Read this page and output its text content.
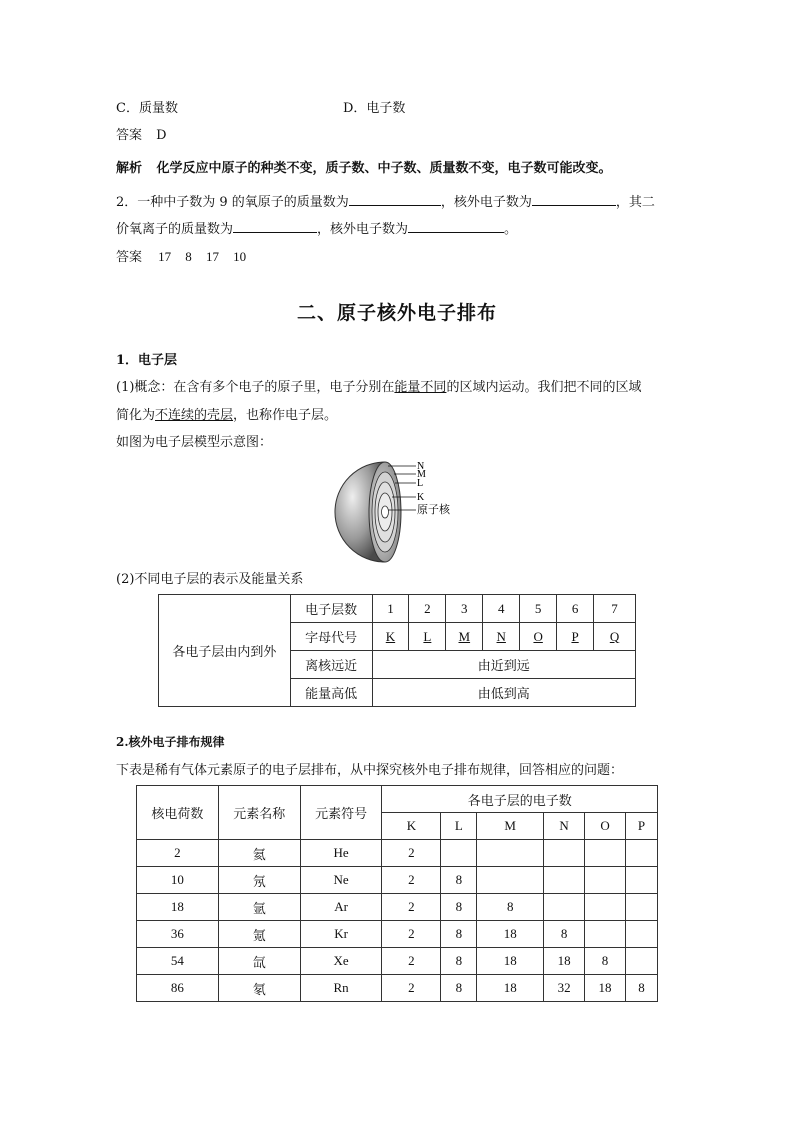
C．质量数	D．电子数
答案 D
解析 化学反应中原子的种类不变，质子数、中子数、质量数不变，电子数可能改变。
2．一种中子数为 9 的氧原子的质量数为	，核外电子数为	，其二
价氧离子的质量数为	，核外电子数为	。
答案 17 8 17 10
二、原子核外电子排布
1．电子层
(1)概念：在含有多个电子的原子里，电子分别在能量不同的区域内运动。我们把不同的区域
简化为不连续的壳层，也称作电子层。
如图为电子层模型示意图：
N
M
L
K
原子核
(2)不同电子层的表示及能量关系
各电子层由内到外	电子层数	1	2	3	4	5	6	7
	字母代号	K	L	M	N	O	P	Q
	离核远近	由近到远						
	能量高低	由低到高						
2.核外电子排布规律
下表是稀有气体元素原子的电子层排布，从中探究核外电子排布规律，回答相应的问题：
核电荷数	元素名称	元素符号	各电子层的电子数					
			K	L	M	N	O	P
2	氦	He	2					
10	氖	Ne	2	8				
18	氩	Ar	2	8	8			
36	氪	Kr	2	8	18	8		
54	氙	Xe	2	8	18	18	8	
86	氡	Rn	2	8	18	32	18	8
